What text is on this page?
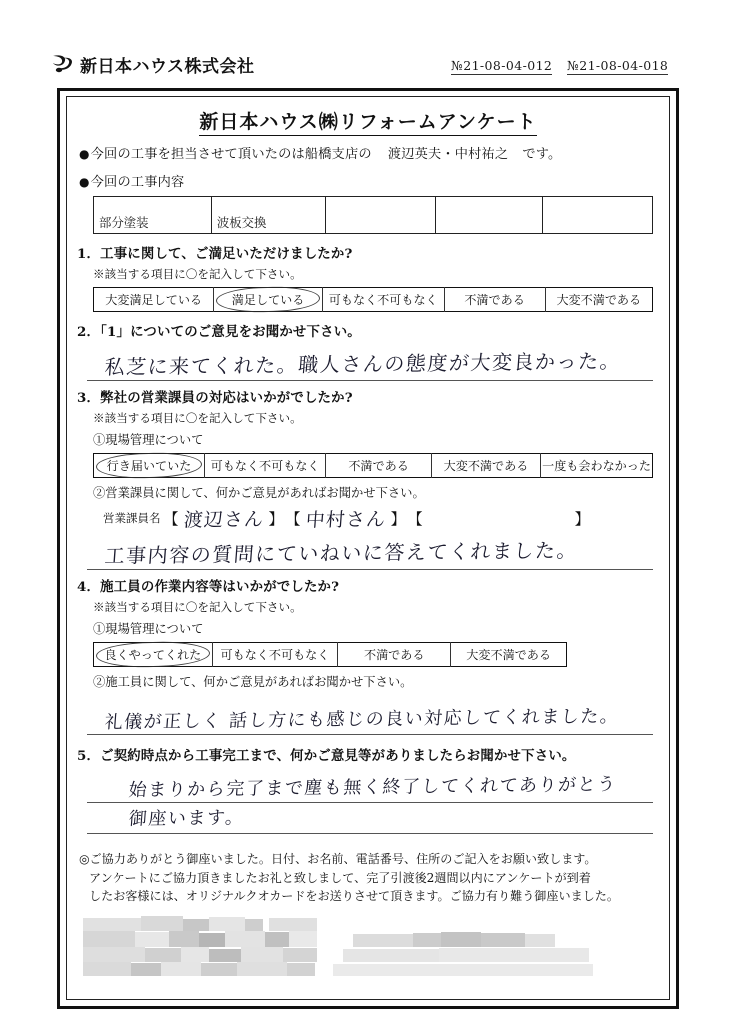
新日本ハウス株式会社	№21-08-04-012 №21-08-04-018
新日本ハウス㈱リフォームアンケート
●今回の工事を担当させて頂いたのは船橋支店の 渡辺英夫・中村祐之 です。
●今回の工事内容
部分塗装	波板交換			
1．工事に関して、ご満足いただけましたか?
※該当する項目に〇を記入して下さい。
大変満足している	満足している	可もなく不可もなく	不満である	大変不満である
2．「1」についてのご意見をお聞かせ下さい。
私芝に来てくれた。職人さんの態度が大変良かった。
3．弊社の営業課員の対応はいかがでしたか?
※該当する項目に〇を記入して下さい。
①現場管理について
行き届いていた	可もなく不可もなく	不満である	大変不満である	一度も会わなかった
②営業課員に関して、何かご意見があればお聞かせ下さい。
営業課員名 【 渡辺さん 】 【 中村さん 】 【	】
工事内容の質問にていねいに答えてくれました。
4．施工員の作業内容等はいかがでしたか?
※該当する項目に〇を記入して下さい。
①現場管理について
良くやってくれた	可もなく不可もなく	不満である	大変不満である
②施工員に関して、何かご意見があればお聞かせ下さい。
礼儀が正しく 話し方にも感じの良い対応してくれました。
5．ご契約時点から工事完工まで、何かご意見等がありましたらお聞かせ下さい。
始まりから完了まで塵も無く終了してくれてありがとう
御座います。
◎ご協力ありがとう御座いました。日付、お名前、電話番号、住所のご記入をお願い致します。
アンケートにご協力頂きましたお礼と致しまして、完了引渡後2週間以内にアンケートが到着
したお客様には、オリジナルクオカードをお送りさせて頂きます。ご協力有り難う御座いました。
